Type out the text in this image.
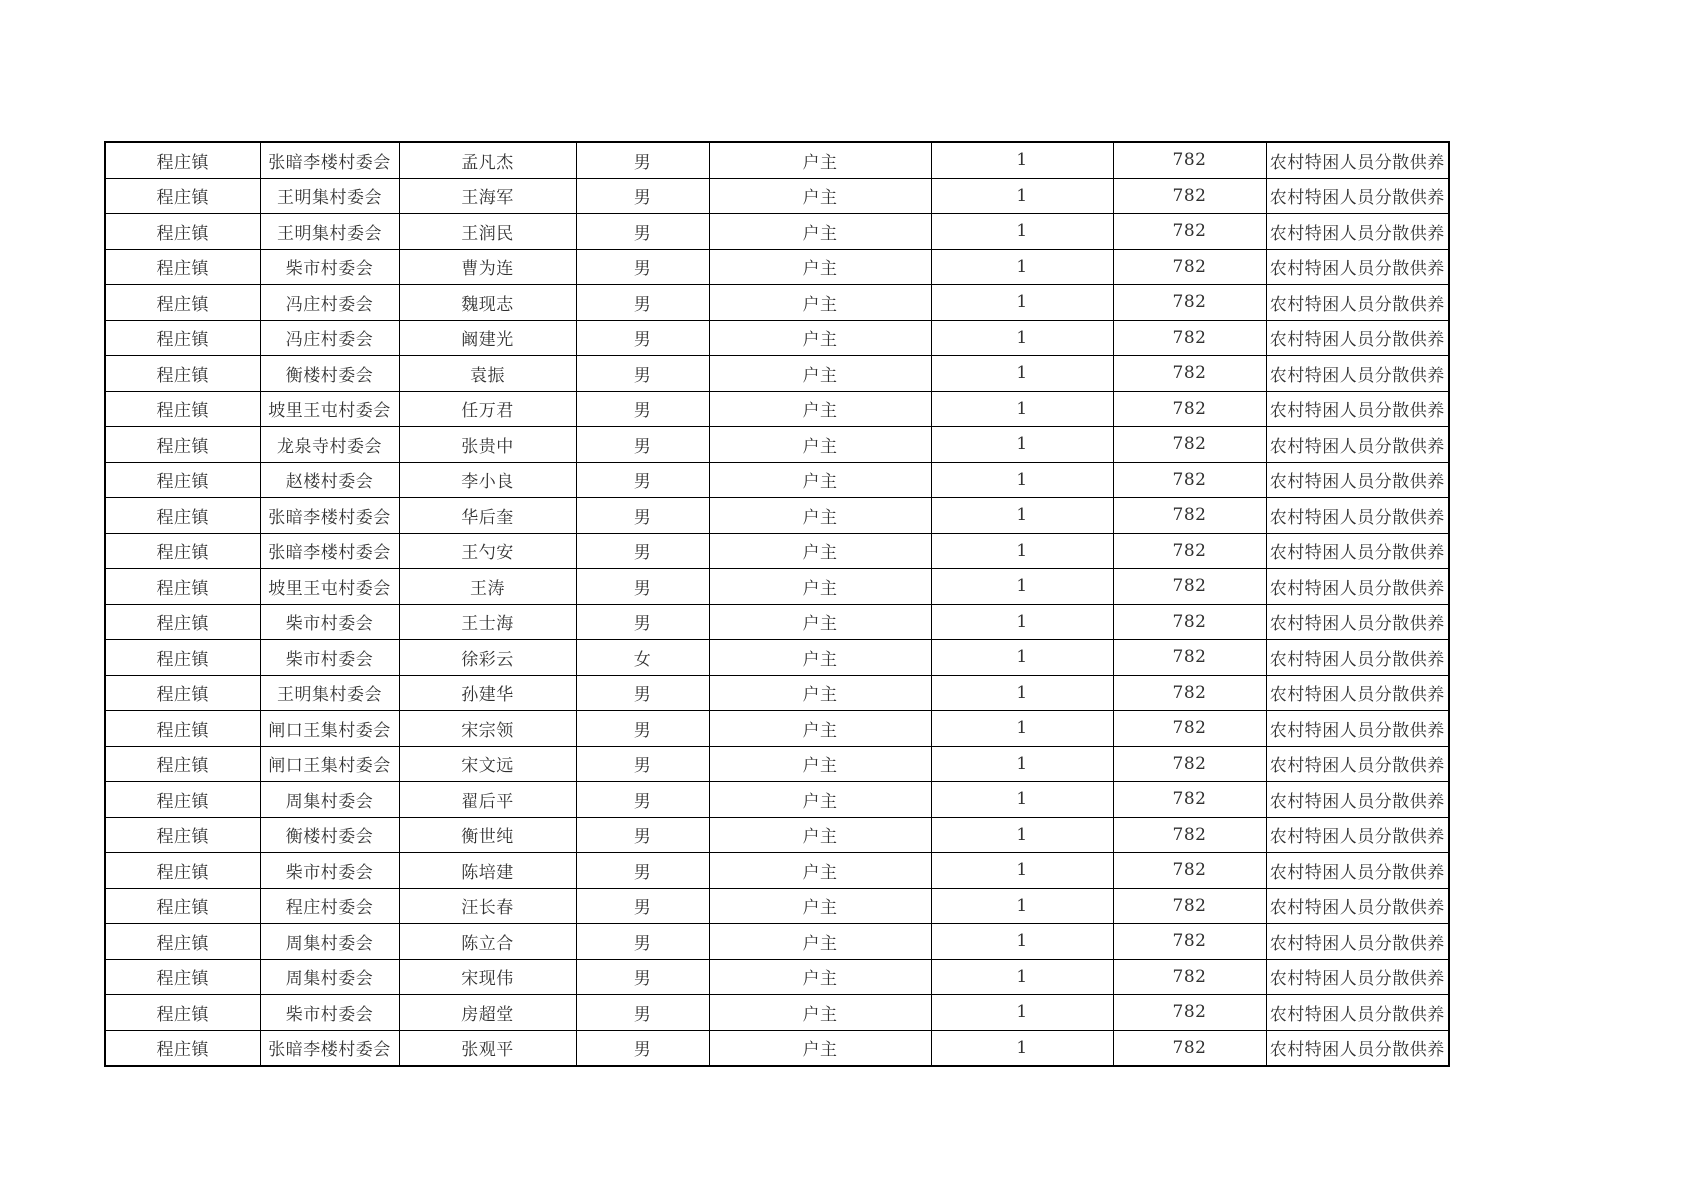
程庄镇	张暗李楼村委会	孟凡杰	男	户主	1	782	农村特困人员分散供养
程庄镇	王明集村委会	王海军	男	户主	1	782	农村特困人员分散供养
程庄镇	王明集村委会	王润民	男	户主	1	782	农村特困人员分散供养
程庄镇	柴市村委会	曹为连	男	户主	1	782	农村特困人员分散供养
程庄镇	冯庄村委会	魏现志	男	户主	1	782	农村特困人员分散供养
程庄镇	冯庄村委会	阚建光	男	户主	1	782	农村特困人员分散供养
程庄镇	衡楼村委会	袁振	男	户主	1	782	农村特困人员分散供养
程庄镇	坡里王屯村委会	任万君	男	户主	1	782	农村特困人员分散供养
程庄镇	龙泉寺村委会	张贵中	男	户主	1	782	农村特困人员分散供养
程庄镇	赵楼村委会	李小良	男	户主	1	782	农村特困人员分散供养
程庄镇	张暗李楼村委会	华后奎	男	户主	1	782	农村特困人员分散供养
程庄镇	张暗李楼村委会	王勺安	男	户主	1	782	农村特困人员分散供养
程庄镇	坡里王屯村委会	王涛	男	户主	1	782	农村特困人员分散供养
程庄镇	柴市村委会	王士海	男	户主	1	782	农村特困人员分散供养
程庄镇	柴市村委会	徐彩云	女	户主	1	782	农村特困人员分散供养
程庄镇	王明集村委会	孙建华	男	户主	1	782	农村特困人员分散供养
程庄镇	闸口王集村委会	宋宗领	男	户主	1	782	农村特困人员分散供养
程庄镇	闸口王集村委会	宋文远	男	户主	1	782	农村特困人员分散供养
程庄镇	周集村委会	翟后平	男	户主	1	782	农村特困人员分散供养
程庄镇	衡楼村委会	衡世纯	男	户主	1	782	农村特困人员分散供养
程庄镇	柴市村委会	陈培建	男	户主	1	782	农村特困人员分散供养
程庄镇	程庄村委会	汪长春	男	户主	1	782	农村特困人员分散供养
程庄镇	周集村委会	陈立合	男	户主	1	782	农村特困人员分散供养
程庄镇	周集村委会	宋现伟	男	户主	1	782	农村特困人员分散供养
程庄镇	柴市村委会	房超堂	男	户主	1	782	农村特困人员分散供养
程庄镇	张暗李楼村委会	张观平	男	户主	1	782	农村特困人员分散供养
